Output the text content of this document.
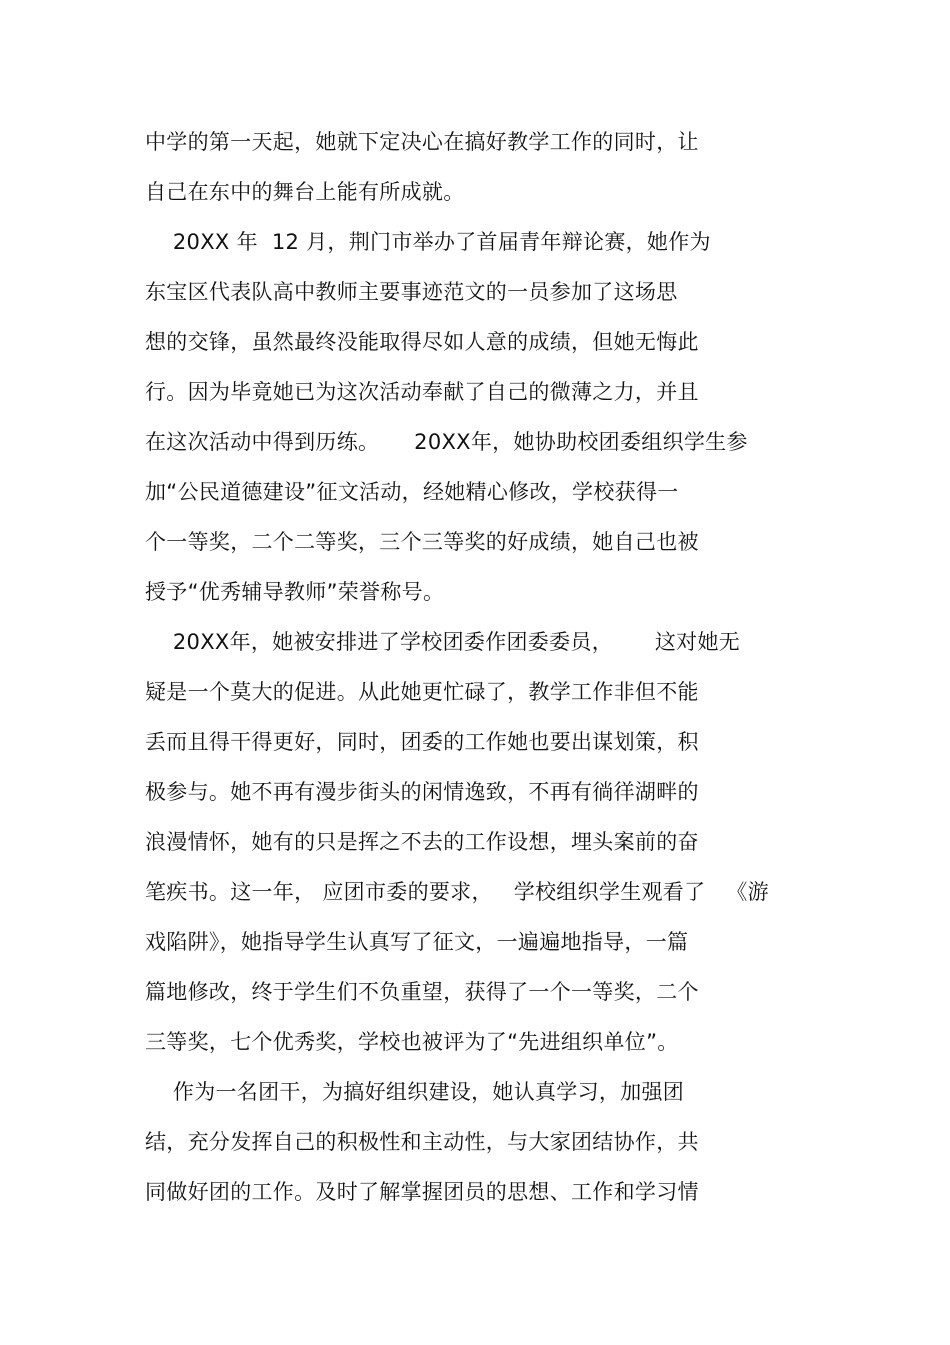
中学的第一天起，她就下定决心在搞好教学工作的同时，让
自己在东中的舞台上能有所成就。
20XX 年  12 月，荆门市举办了首届青年辩论赛，她作为
东宝区代表队高中教师主要事迹范文的一员参加了这场思
想的交锋，虽然最终没能取得尽如人意的成绩，但她无悔此
行。因为毕竟她已为这次活动奉献了自己的微薄之力，并且
在这次活动中得到历练。     20XX年，她协助校团委组织学生参
加“公民道德建设”征文活动，经她精心修改，学校获得一
个一等奖，二个二等奖，三个三等奖的好成绩，她自己也被
授予“优秀辅导教师”荣誉称号。
20XX年，她被安排进了学校团委作团委委员，      这对她无
疑是一个莫大的促进。从此她更忙碌了，教学工作非但不能
丢而且得干得更好，同时，团委的工作她也要出谋划策，积
极参与。她不再有漫步街头的闲情逸致，不再有徜徉湖畔的
浪漫情怀，她有的只是挥之不去的工作设想，埋头案前的奋
笔疾书。这一年， 应团市委的要求，   学校组织学生观看了   《游
戏陷阱》，她指导学生认真写了征文，一遍遍地指导，一篇
篇地修改，终于学生们不负重望，获得了一个一等奖，二个
三等奖，七个优秀奖，学校也被评为了“先进组织单位”。
作为一名团干，为搞好组织建设，她认真学习，加强团
结，充分发挥自己的积极性和主动性，与大家团结协作，共
同做好团的工作。及时了解掌握团员的思想、工作和学习情
